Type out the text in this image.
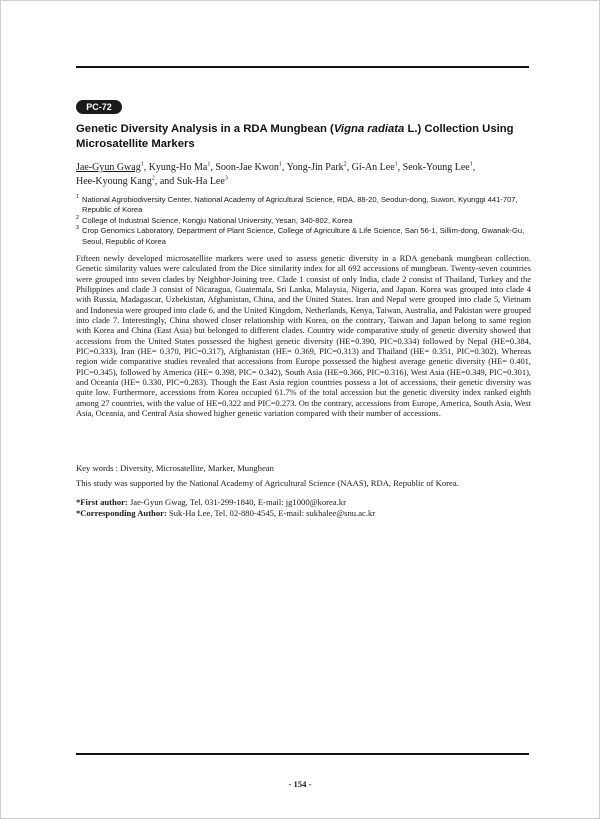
PC-72
Genetic Diversity Analysis in a RDA Mungbean (Vigna radiata L.) Collection Using Microsatellite Markers
Jae-Gyun Gwag$^1$, Kyung-Ho Ma$^1$, Soon-Jae Kwon$^1$, Yong-Jin Park$^2$, Gi-An Lee$^1$, Seok-Young Lee$^1$,
Hee-Kyoung Kang$^2$, and Suk-Ha Lee$^3$
1 National Agrobiodiversity Center, National Academy of Agricultural Science, RDA, 88-20, Seodun-dong, Suwon, Kyunggi 441-707, Republic of Korea
2 College of Industrial Science, Kongju National University, Yesan, 340-802, Korea
3 Crop Genomics Laboratory, Department of Plant Science, College of Agriculture & Life Science, San 56-1, Sillim-dong, Gwanak-Gu, Seoul, Republic of Korea
Fifteen newly developed microsatellite markers were used to assess genetic diversity in a RDA genebank mungbean collection. Genetic similarity values were calculated from the Dice similarity index for all 692 accessions of mungbean. Twenty-seven countries were grouped into seven clades by Neighbor-Joining tree. Clade 1 consist of only India, clade 2 consist of Thailand, Turkey and the Philippines and clade 3 consist of Nicaragua, Guatemala, Sri Lanka, Malaysia, Nigeria, and Japan. Korea was grouped into clade 4 with Russia, Madagascar, Uzbekistan, Afghanistan, China, and the United States. Iran and Nepal were grouped into clade 5, Vietnam and Indonesia were grouped into clade 6, and the United Kingdom, Netherlands, Kenya, Taiwan, Australia, and Pakistan were grouped into clade 7. Interestingly, China showed closer relationship with Korea, on the contrary, Taiwan and Japan belong to same region with Korea and China (East Asia) but belonged to different clades. Country wide comparative study of genetic diversity showed that accessions from the United States possessed the highest genetic diversity (HE=0.390, PIC=0.334) followed by Nepal (HE=0.384, PIC=0.333), Iran (HE= 0.370, PIC=0.317), Afghanistan (HE= 0.369, PIC=0.313) and Thailand (HE= 0.351, PIC=0.302). Whereas region wide comparative studies revealed that accessions from Europe possessed the highest average genetic diversity (HE= 0.401, PIC=0.345), followed by America (HE= 0.398, PIC= 0.342), South Asia (HE=0.366, PIC=0.316), West Asia (HE=0.349, PIC=0.301), and Oceania (HE= 0.330, PIC=0.283). Though the East Asia region countries possess a lot of accessions, their genetic diversity was quite low. Furthermore, accessions from Korea occupied 61.7% of the total accession but the genetic diversity index ranked eighth among 27 countries, with the value of HE=0.322 and PIC=0.273. On the contrary, accessions from Europe, America, South Asia, West Asia, Oceania, and Central Asia showed higher genetic variation compared with their number of accessions.
Key words : Diversity, Microsatellite, Marker, Mungbean
This study was supported by the National Academy of Agricultural Science (NAAS), RDA, Republic of Korea.
*First author: Jae-Gyun Gwag, Tel. 031-299-1840, E-mail: jg1000@korea.kr
*Corresponding Author: Suk-Ha Lee, Tel. 02-880-4545, E-mail: sukhalee@snu.ac.kr
- 154 -
